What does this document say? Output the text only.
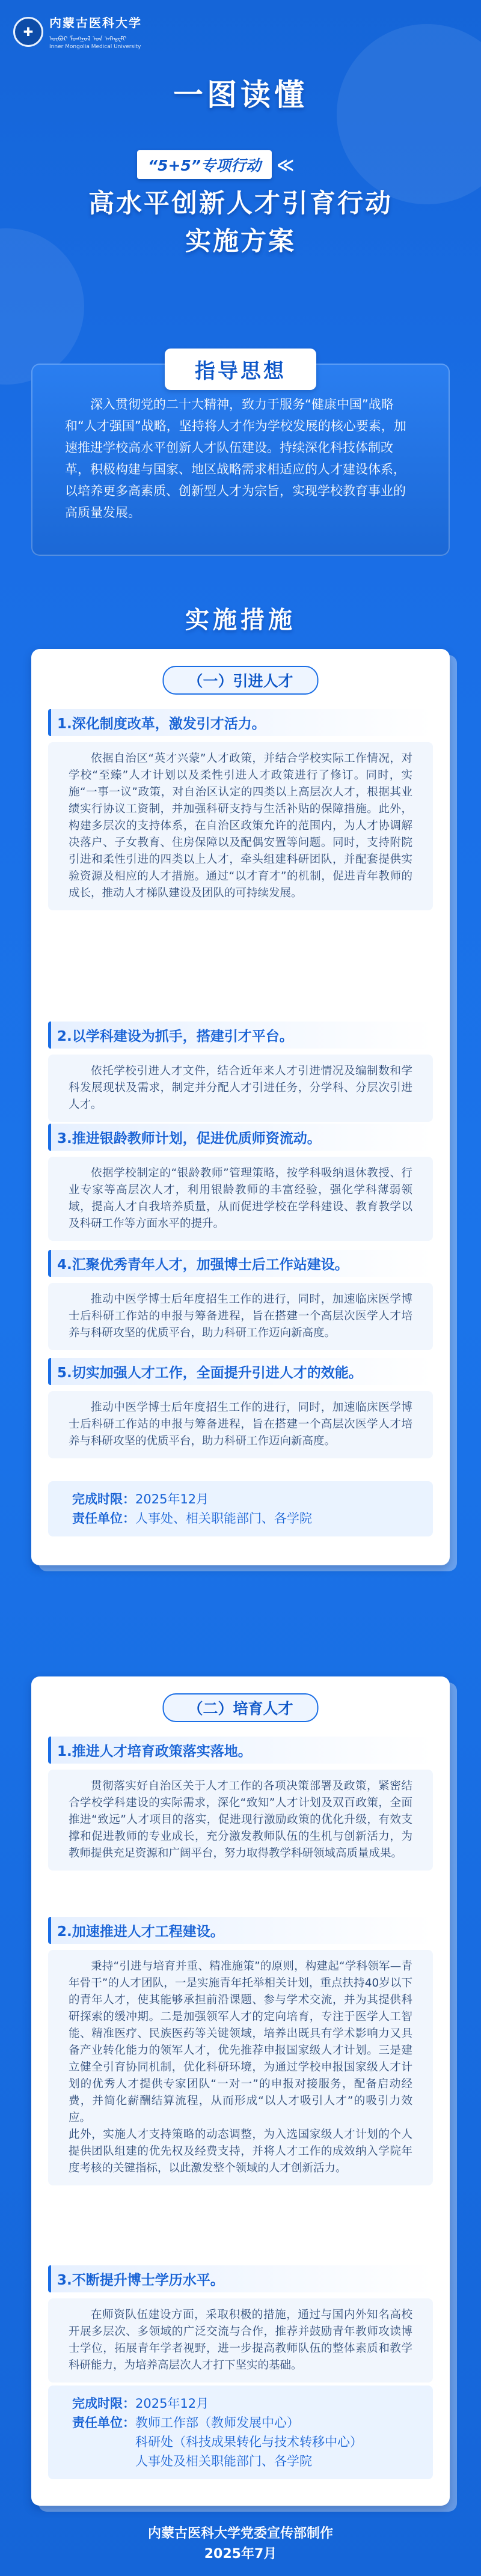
✚
内蒙古医科大学
ᠥᠪᠥᠷ ᠮᠣᠩᠭᠣᠯ ᠤᠨ ᠠᠻᠠᠳ᠋ᠧᠮᠢ
Inner Mongolia Medical University
一图读懂
“5+5”专项行动 ≪
高水平创新人才引育行动
实施方案

深入贯彻党的二十大精神，致力于服务“健康中国”战略和“人才强国”战略，坚持将人才作为学校发展的核心要素，加速推进学校高水平创新人才队伍建设。持续深化科技体制改革，积极构建与国家、地区战略需求相适应的人才建设体系，以培养更多高素质、创新型人才为宗旨，实现学校教育事业的高质量发展。

指导思想
实施措施
（一）引进人才
1.深化制度改革，激发引才活力。
依据自治区“英才兴蒙”人才政策，并结合学校实际工作情况，对学校“至臻”人才计划以及柔性引进人才政策进行了修订。同时，实施“一事一议”政策，对自治区认定的四类以上高层次人才，根据其业绩实行协议工资制，并加强科研支持与生活补贴的保障措施。此外，构建多层次的支持体系，在自治区政策允许的范围内，为人才协调解决落户、子女教育、住房保障以及配偶安置等问题。同时，支持附院引进和柔性引进的四类以上人才，牵头组建科研团队，并配套提供实验资源及相应的人才措施。通过“以才育才”的机制，促进青年教师的成长，推动人才梯队建设及团队的可持续发展。
2.以学科建设为抓手，搭建引才平台。
依托学校引进人才文件，结合近年来人才引进情况及编制数和学科发展现状及需求，制定并分配人才引进任务，分学科、分层次引进人才。
3.推进银龄教师计划，促进优质师资流动。
依据学校制定的“银龄教师”管理策略，按学科吸纳退休教授、行业专家等高层次人才，利用银龄教师的丰富经验，强化学科薄弱领域，提高人才自我培养质量，从而促进学校在学科建设、教育教学以及科研工作等方面水平的提升。
4.汇聚优秀青年人才，加强博士后工作站建设。
推动中医学博士后年度招生工作的进行，同时，加速临床医学博士后科研工作站的申报与筹备进程，旨在搭建一个高层次医学人才培养与科研攻坚的优质平台，助力科研工作迈向新高度。
5.切实加强人才工作，全面提升引进人才的效能。
推动中医学博士后年度招生工作的进行，同时，加速临床医学博士后科研工作站的申报与筹备进程，旨在搭建一个高层次医学人才培养与科研攻坚的优质平台，助力科研工作迈向新高度。
完成时限：2025年12月
责任单位：人事处、相关职能部门、各学院
（二）培育人才
1.推进人才培育政策落实落地。
贯彻落实好自治区关于人才工作的各项决策部署及政策，紧密结合学校学科建设的实际需求，深化“致知”人才计划及双百政策，全面推进“致远”人才项目的落实，促进现行激励政策的优化升级，有效支撑和促进教师的专业成长，充分激发教师队伍的生机与创新活力，为教师提供充足资源和广阔平台，努力取得教学科研领域高质量成果。
2.加速推进人才工程建设。
秉持“引进与培育并重、精准施策”的原则，构建起“学科领军—青年骨干”的人才团队，一是实施青年托举相关计划，重点扶持40岁以下的青年人才，使其能够承担前沿课题、参与学术交流，并为其提供科研探索的缓冲期。二是加强领军人才的定向培育，专注于医学人工智能、精准医疗、民族医药等关键领域，培养出既具有学术影响力又具备产业转化能力的领军人才，优先推荐申报国家级人才计划。三是建立健全引育协同机制，优化科研环境，为通过学校申报国家级人才计划的优秀人才提供专家团队“一对一”的申报对接服务，配备启动经费，并简化薪酬结算流程，从而形成“以人才吸引人才”的吸引力效应。
此外，实施人才支持策略的动态调整，为入选国家级人才计划的个人提供团队组建的优先权及经费支持，并将人才工作的成效纳入学院年度考核的关键指标，以此激发整个领域的人才创新活力。
3.不断提升博士学历水平。
在师资队伍建设方面，采取积极的措施，通过与国内外知名高校开展多层次、多领域的广泛交流与合作，推荐并鼓励青年教师攻读博士学位，拓展青年学者视野，进一步提高教师队伍的整体素质和教学科研能力，为培养高层次人才打下坚实的基础。
完成时限：2025年12月
责任单位：教师工作部（教师发展中心）
科研处（科技成果转化与技术转移中心）
人事处及相关职能部门、各学院
内蒙古医科大学党委宣传部制作
2025年7月
